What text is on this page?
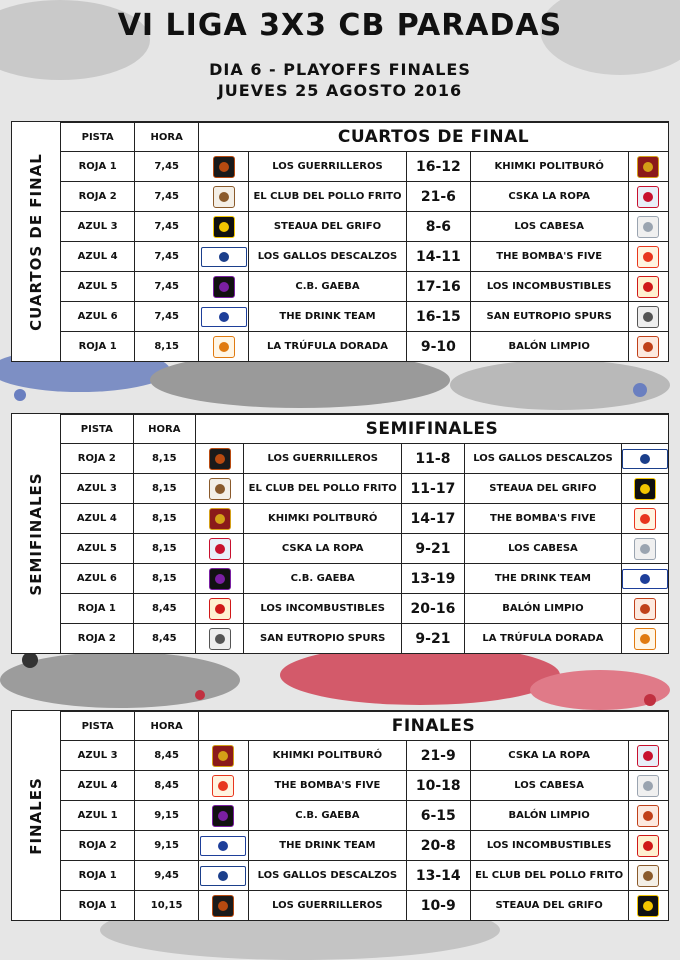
VI LIGA 3X3 CB PARADAS
DIA 6 - PLAYOFFS FINALES
JUEVES 25 AGOSTO 2016
CUARTOS DE FINAL
PISTA	HORA	CUARTOS DE FINAL				
ROJA 1	7,45		LOS GUERRILLEROS	16-12	KHIMKI POLITBURÓ	

ROJA 2	7,45		EL CLUB DEL POLLO FRITO	21-6	CSKA LA ROPA	

AZUL 3	7,45		STEAUA DEL GRIFO	8-6	LOS CABESA	

AZUL 4	7,45		LOS GALLOS DESCALZOS	14-11	THE BOMBA'S FIVE	

AZUL 5	7,45		C.B. GAEBA	17-16	LOS INCOMBUSTIBLES	

AZUL 6	7,45		THE DRINK TEAM	16-15	SAN EUTROPIO SPURS	

ROJA 1	8,15		LA TRÚFULA DORADA	9-10	BALÓN LIMPIO	
SEMIFINALES
PISTA	HORA	SEMIFINALES				
ROJA 2	8,15		LOS GUERRILLEROS	11-8	LOS GALLOS DESCALZOS	

AZUL 3	8,15		EL CLUB DEL POLLO FRITO	11-17	STEAUA DEL GRIFO	

AZUL 4	8,15		KHIMKI POLITBURÓ	14-17	THE BOMBA'S FIVE	

AZUL 5	8,15		CSKA LA ROPA	9-21	LOS CABESA	

AZUL 6	8,15		C.B. GAEBA	13-19	THE DRINK TEAM	

ROJA 1	8,45		LOS INCOMBUSTIBLES	20-16	BALÓN LIMPIO	

ROJA 2	8,45		SAN EUTROPIO SPURS	9-21	LA TRÚFULA DORADA	
FINALES
PISTA	HORA	FINALES				
AZUL 3	8,45		KHIMKI POLITBURÓ	21-9	CSKA LA ROPA	

AZUL 4	8,45		THE BOMBA'S FIVE	10-18	LOS CABESA	

AZUL 1	9,15		C.B. GAEBA	6-15	BALÓN LIMPIO	

ROJA 2	9,15		THE DRINK TEAM	20-8	LOS INCOMBUSTIBLES	

ROJA 1	9,45		LOS GALLOS DESCALZOS	13-14	EL CLUB DEL POLLO FRITO	

ROJA 1	10,15		LOS GUERRILLEROS	10-9	STEAUA DEL GRIFO	
